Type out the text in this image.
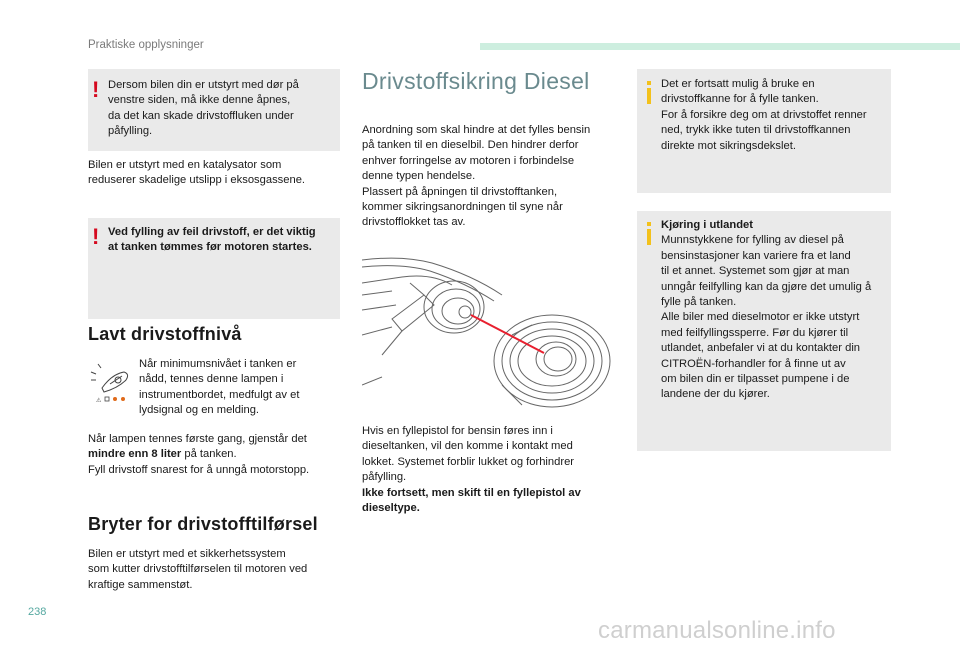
Praktiske opplysninger
! Dersom bilen din er utstyrt med dør på
venstre siden, må ikke denne åpnes,
da det kan skade drivstoffluken under
påfylling.
Bilen er utstyrt med en katalysator som
reduserer skadelige utslipp i eksosgassene.
! Ved fylling av feil drivstoff, er det viktig
at tanken tømmes før motoren startes.
Lavt drivstoffnivå
⚠
Når minimumsnivået i tanken er
nådd, tennes denne lampen i
instrumentbordet, medfulgt av et
lydsignal og en melding.
Når lampen tennes første gang, gjenstår det
mindre enn 8 liter på tanken.
Fyll drivstoff snarest for å unngå motorstopp.
Bryter for drivstofftilførsel
Bilen er utstyrt med et sikkerhetssystem
som kutter drivstofftilførselen til motoren ved
kraftige sammenstøt.
Drivstoffsikring Diesel
Anordning som skal hindre at det fylles bensin
på tanken til en dieselbil. Den hindrer derfor
enhver forringelse av motoren i forbindelse
denne typen hendelse.
Plassert på åpningen til drivstofftanken,
kommer sikringsanordningen til syne når
drivstofflokket tas av.
Hvis en fyllepistol for bensin føres inn i
dieseltanken, vil den komme i kontakt med
lokket. Systemet forblir lukket og forhindrer
påfylling.
Ikke fortsett, men skift til en fyllepistol av
dieseltype.
Det er fortsatt mulig å bruke en
drivstoffkanne for å fylle tanken.
For å forsikre deg om at drivstoffet renner
ned, trykk ikke tuten til drivstoffkannen
direkte mot sikringsdekslet.
Kjøring i utlandet
Munnstykkene for fylling av diesel på
bensinstasjoner kan variere fra et land
til et annet. Systemet som gjør at man
unngår feilfylling kan da gjøre det umulig å
fylle på tanken.
Alle biler med dieselmotor er ikke utstyrt
med feilfyllingssperre. Før du kjører til
utlandet, anbefaler vi at du kontakter din
CITROËN-forhandler for å finne ut av
om bilen din er tilpasset pumpene i de
landene der du kjører.
238
carmanualsonline.info
